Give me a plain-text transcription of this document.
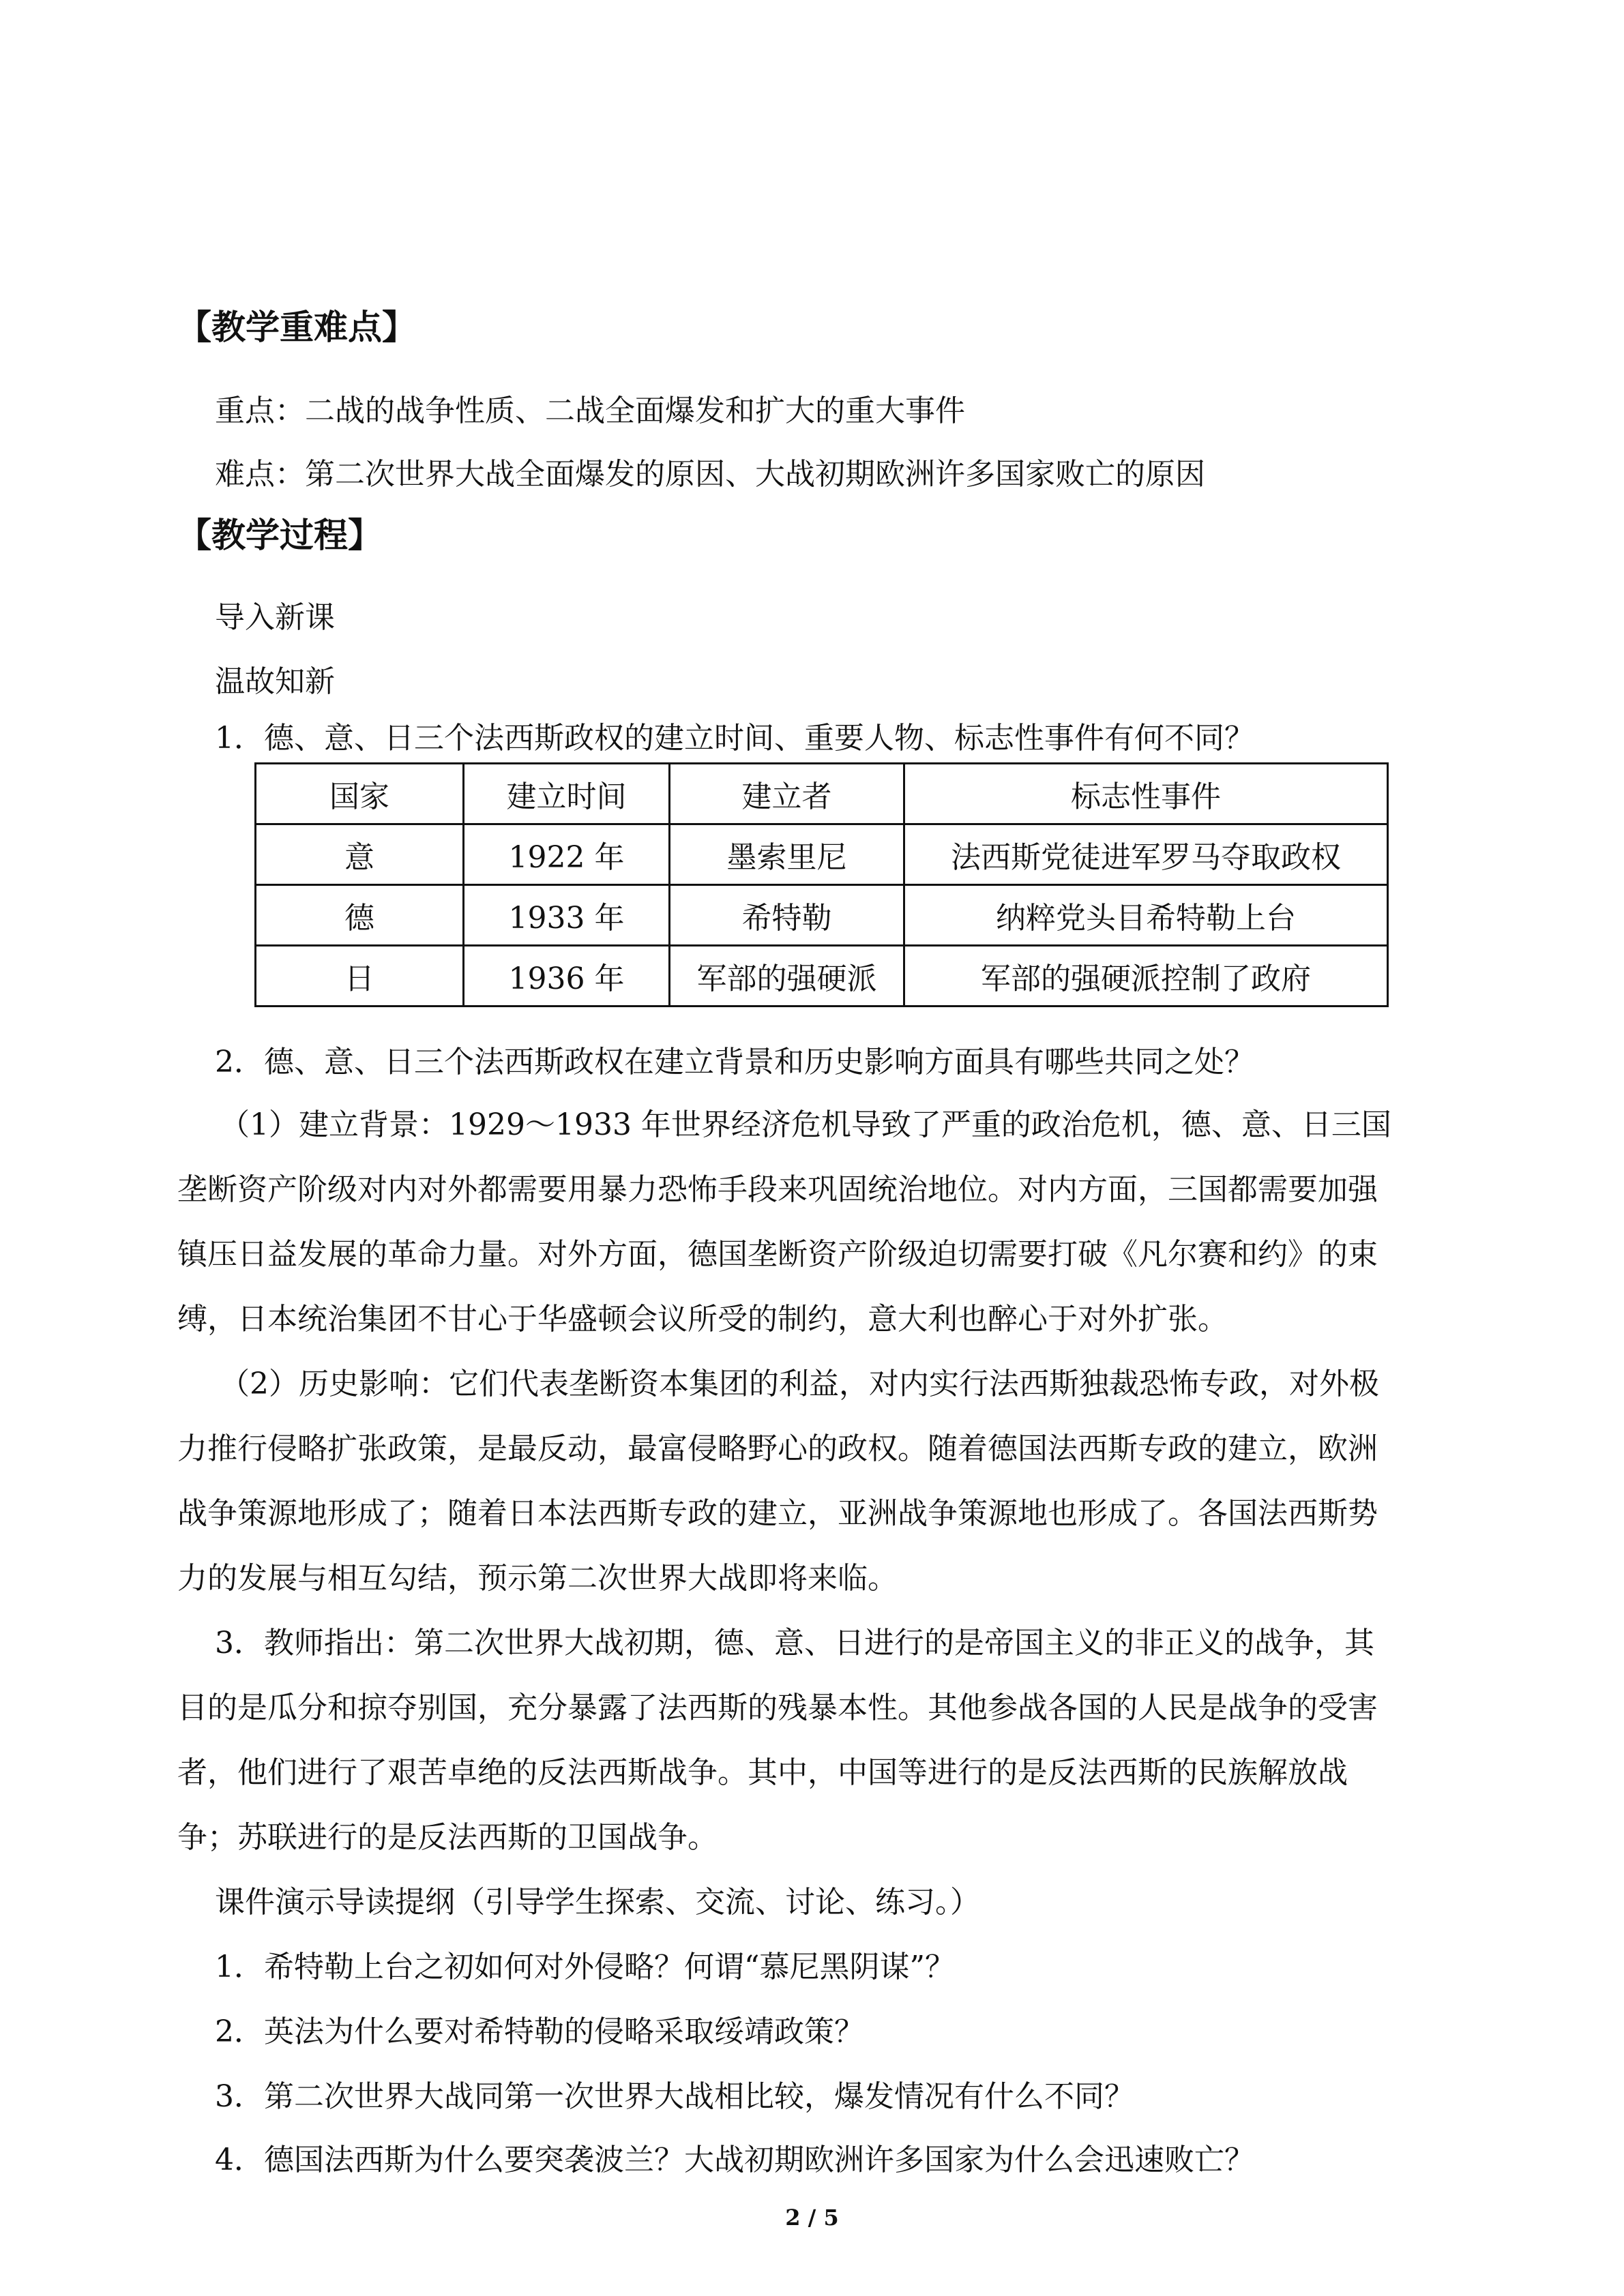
【教学重难点】
重点：二战的战争性质、二战全面爆发和扩大的重大事件
难点：第二次世界大战全面爆发的原因、大战初期欧洲许多国家败亡的原因
【教学过程】
导入新课
温故知新
1．德、意、日三个法西斯政权的建立时间、重要人物、标志性事件有何不同？
国家	建立时间	建立者	标志性事件
意	1922 年	墨索里尼	法西斯党徒进军罗马夺取政权
德	1933 年	希特勒	纳粹党头目希特勒上台
日	1936 年	军部的强硬派	军部的强硬派控制了政府
2．德、意、日三个法西斯政权在建立背景和历史影响方面具有哪些共同之处？
（1）建立背景：1929～1933 年世界经济危机导致了严重的政治危机，德、意、日三国
垄断资产阶级对内对外都需要用暴力恐怖手段来巩固统治地位。对内方面，三国都需要加强
镇压日益发展的革命力量。对外方面，德国垄断资产阶级迫切需要打破《凡尔赛和约》的束
缚，日本统治集团不甘心于华盛顿会议所受的制约，意大利也醉心于对外扩张。
（2）历史影响：它们代表垄断资本集团的利益，对内实行法西斯独裁恐怖专政，对外极
力推行侵略扩张政策，是最反动，最富侵略野心的政权。随着德国法西斯专政的建立，欧洲
战争策源地形成了；随着日本法西斯专政的建立，亚洲战争策源地也形成了。各国法西斯势
力的发展与相互勾结，预示第二次世界大战即将来临。
3．教师指出：第二次世界大战初期，德、意、日进行的是帝国主义的非正义的战争，其
目的是瓜分和掠夺别国，充分暴露了法西斯的残暴本性。其他参战各国的人民是战争的受害
者，他们进行了艰苦卓绝的反法西斯战争。其中，中国等进行的是反法西斯的民族解放战
争；苏联进行的是反法西斯的卫国战争。
课件演示导读提纲（引导学生探索、交流、讨论、练习。）
1．希特勒上台之初如何对外侵略？何谓“慕尼黑阴谋”？
2．英法为什么要对希特勒的侵略采取绥靖政策？
3．第二次世界大战同第一次世界大战相比较，爆发情况有什么不同？
4．德国法西斯为什么要突袭波兰？大战初期欧洲许多国家为什么会迅速败亡？
2 / 5
